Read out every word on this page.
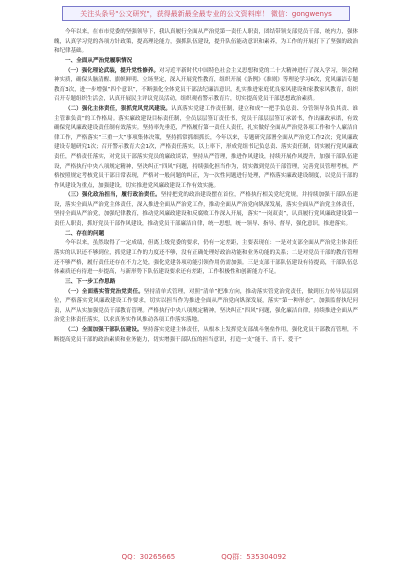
关注头条号"公文研究"，获得最新最全最专业的公文资料库！ 微信：gongwenys

今年以来，在市市党委的坚强领导下，我认真履行全面从严治党第一责任人职责，团结带领支部党员干部，统内力，强体魄，认真学习党的各项方针政策，提高理论能力，强抓队伍建设，提升队伍能动意识和素养，为工作的开展打下了坚强的政治和纪律基础。

一、全面从严治党履职情况

（一）强化理论武装，提升党性修养。对习近平新时代中国特色社会主义思想和党的二十大精神进行了深入学习，领会精神实质，确保头脑清醒、旗帜鲜明、立场坚定，深入开展党性教育，组织开展《条例》《准则》等理论学习6次，党风廉洁专题教育3次，进一步增强“四个意识”，不断强化全体党员干部法纪廉洁意识，扎实推进家庭优良家风建设和家教家风教育，组织召开专题组织生活会，认真开展民主评议党员活动，组织观看警示教育片，切实提高党员干部思想政治素质。

（二）强化主体责任，狠抓党风党风建设。认真落实党建工作责任制，建立和成“一把手负总责、分管领导各负其责、谁主管谁负责”的工作格局。落实廉政建设目标责任制，全员层层签订责任书，党员干部层层签订承诺书，作出廉政承诺，有效确保党风廉政建设责任制有效落实。坚持率先垂范，严格履行第一责任人责任，扎实做好全面从严治党各项工作和个人廉洁自律工作，严格落实“三重一大”事项集体决策，坚持抓常抓细抓长，今年以来，专题研究部署全面从严治党工作2次；党风廉政建设专题研究1次；召开警示教育大会1次，严格责任落实，以上率下，形成党组书记负总责、落实责任制，切实履行党风廉政责任，严格责任落实，对党员干部落实党员的廉政谈话，坚持从严管理，推进作风建设，持续开展作风提升，加强干部队伍建设，严格执行中央八项规定精神，坚决纠正“四风”问题，持续强化担当作为，切实做到党员干部管理，完善党员管理考核，严格按照规定考核党员干部日常表现，严格对一般问题的纠正，为一次性问题进行处理，严格落实廉政建设制度，以党员干部的作风建设为重点，加强建设，切实推进党风廉政建设工作有效实施。

（三）强化政治担当，履行政治责任。坚持把党的政治建设摆在首位，严格执行相关党纪党规，并持续加强干部队伍建设，落实全面从严治党主体责任，深入推进全面从严治党工作，推动全面从严治党向纵深发展，落实全面从严治党主体责任，坚持全面从严治党，加强纪律教育，推动党风廉政建设和反腐败工作深入开展，落实“一岗双责”，认真履行党风廉政建设第一责任人职责，抓好党员干部作风建设，推动党员干部廉洁自律，统一思想，统一领导、指导、督导，强化意识，推进落实。

二、存在的问题

今年以来，虽然取得了一定成绩，但离上级党委的要求，仍有一定差距，主要表现在：一是对支部全面从严治党主体责任落实的认识还不够到位，抓党建工作的力度还不够，没有正确处理好政治功能和业务功能的关系；二是对党员干部的教育管理还不够严格，履行责任还存在不力之处，强化党建各项功能引领作用仍需加强。三是支部干部队伍建设有待提高，干部队伍总体素质还有待进一步提高，与新形势下队伍建设要求还有差距，工作积极性和创新能力不足。

三、下一步工作思路

（一）全面落实管党治党责任。坚持清单式管理，对照“清单”把准方向，推动落实管党治党责任，做到压力传导层层到位，严格落实党风廉政建设工作要求，切实以担当作为推进全面从严治党向纵深发展，落实“第一种形态”，加强监督执纪问责，从严从实加强党员干部教育管理。严格执行中央八项规定精神，坚决纠正“四风”问题，强化廉洁自律，持续推进全面从严治党主体责任落实，以求真务实作风推动各项工作落实落地。

（二）全面加强干部队伍建设。坚持落实党建主体责任，从根本上发挥党支部战斗堡垒作用，强化党员干部教育管理，不断提高党员干部的政治素质和业务能力，切实增强干部队伍的担当意识，打造一支“能干、肯干、爱干”

QQ：30265665	QQ群：535304092
